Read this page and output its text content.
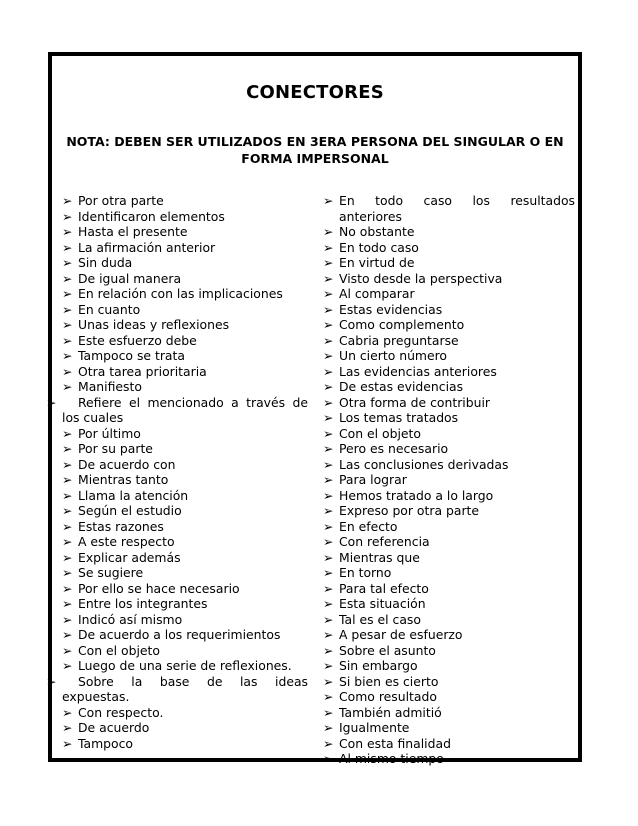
CONECTORES
NOTA: DEBEN SER UTILIZADOS EN 3ERA PERSONA DEL SINGULAR O EN FORMA IMPERSONAL
➢ Por otra parte
➢ Identificaron elementos
➢ Hasta el presente
➢ La afirmación anterior
➢ Sin duda
➢ De igual manera
➢ En relación con las implicaciones
➢ En cuanto
➢ Unas ideas y reflexiones
➢ Este esfuerzo debe
➢ Tampoco se trata
➢ Otra tarea prioritaria
➢ Manifiesto
➢ Refiere el mencionado a través de los cuales
➢ Por último
➢ Por su parte
➢ De acuerdo con
➢ Mientras tanto
➢ Llama la atención
➢ Según el estudio
➢ Estas razones
➢ A este respecto
➢ Explicar además
➢ Se sugiere
➢ Por ello se hace necesario
➢ Entre los integrantes
➢ Indicó así mismo
➢ De acuerdo a los requerimientos
➢ Con el objeto
➢ Luego de una serie de reflexiones.
➢ Sobre la base de las ideas expuestas.
➢ Con respecto.
➢ De acuerdo
➢ Tampoco
➢ En todo caso los resultados anteriores
➢ No obstante
➢ En todo caso
➢ En virtud de
➢ Visto desde la perspectiva
➢ Al comparar
➢ Estas evidencias
➢ Como complemento
➢ Cabria preguntarse
➢ Un cierto número
➢ Las evidencias anteriores
➢ De estas evidencias
➢ Otra forma de contribuir
➢ Los temas tratados
➢ Con el objeto
➢ Pero es necesario
➢ Las conclusiones derivadas
➢ Para lograr
➢ Hemos tratado a lo largo
➢ Expreso por otra parte
➢ En efecto
➢ Con referencia
➢ Mientras que
➢ En torno
➢ Para tal efecto
➢ Esta situación
➢ Tal es el caso
➢ A pesar de esfuerzo
➢ Sobre el asunto
➢ Sin embargo
➢ Si bien es cierto
➢ Como resultado
➢ También admitió
➢ Igualmente
➢ Con esta finalidad
➢ Al mismo tiempo
